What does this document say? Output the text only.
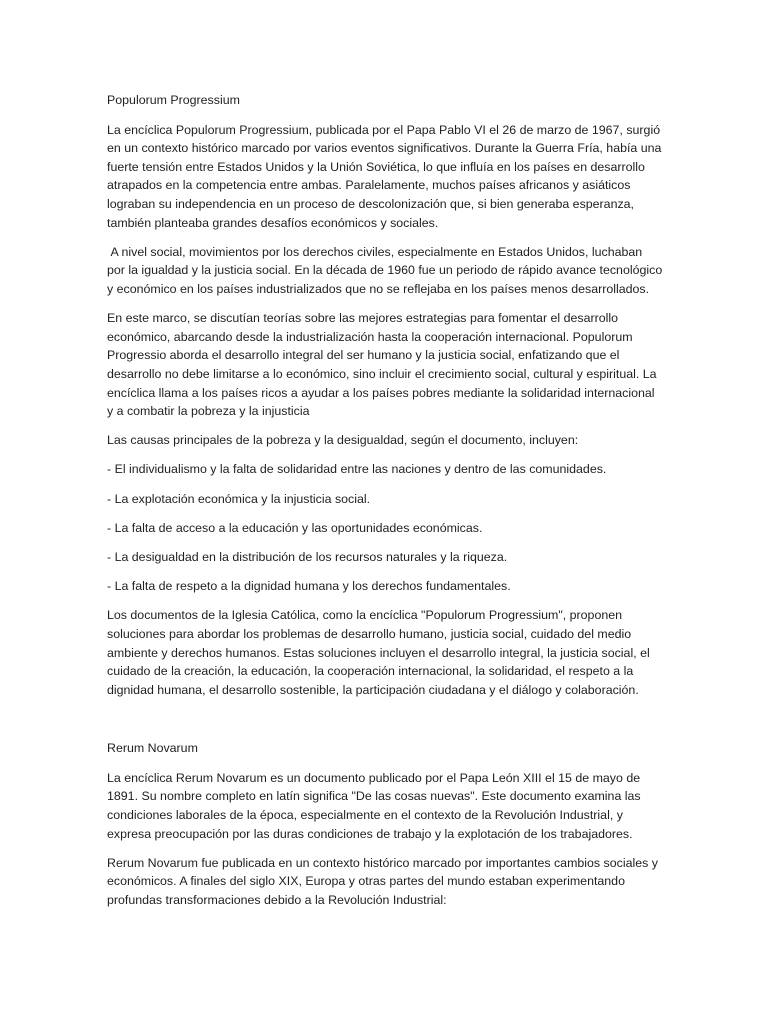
Populorum Progressium

La encíclica Populorum Progressium, publicada por el Papa Pablo VI el 26 de marzo de 1967, surgió en un contexto histórico marcado por varios eventos significativos. Durante la Guerra Fría, había una fuerte tensión entre Estados Unidos y la Unión Soviética, lo que influía en los países en desarrollo atrapados en la competencia entre ambas. Paralelamente, muchos países africanos y asiáticos lograban su independencia en un proceso de descolonización que, si bien generaba esperanza, también planteaba grandes desafíos económicos y sociales.

A nivel social, movimientos por los derechos civiles, especialmente en Estados Unidos, luchaban por la igualdad y la justicia social. En la década de 1960 fue un periodo de rápido avance tecnológico y económico en los países industrializados que no se reflejaba en los países menos desarrollados.

En este marco, se discutían teorías sobre las mejores estrategias para fomentar el desarrollo económico, abarcando desde la industrialización hasta la cooperación internacional. Populorum Progressio aborda el desarrollo integral del ser humano y la justicia social, enfatizando que el desarrollo no debe limitarse a lo económico, sino incluir el crecimiento social, cultural y espiritual. La encíclica llama a los países ricos a ayudar a los países pobres mediante la solidaridad internacional y a combatir la pobreza y la injusticia

Las causas principales de la pobreza y la desigualdad, según el documento, incluyen:

- El individualismo y la falta de solidaridad entre las naciones y dentro de las comunidades.

- La explotación económica y la injusticia social.

- La falta de acceso a la educación y las oportunidades económicas.

- La desigualdad en la distribución de los recursos naturales y la riqueza.

- La falta de respeto a la dignidad humana y los derechos fundamentales.

Los documentos de la Iglesia Católica, como la encíclica "Populorum Progressium", proponen soluciones para abordar los problemas de desarrollo humano, justicia social, cuidado del medio ambiente y derechos humanos. Estas soluciones incluyen el desarrollo integral, la justicia social, el cuidado de la creación, la educación, la cooperación internacional, la solidaridad, el respeto a la dignidad humana, el desarrollo sostenible, la participación ciudadana y el diálogo y colaboración.

Rerum Novarum

La encíclica Rerum Novarum es un documento publicado por el Papa León XIII el 15 de mayo de 1891. Su nombre completo en latín significa "De las cosas nuevas". Este documento examina las condiciones laborales de la época, especialmente en el contexto de la Revolución Industrial, y expresa preocupación por las duras condiciones de trabajo y la explotación de los trabajadores.

Rerum Novarum fue publicada en un contexto histórico marcado por importantes cambios sociales y económicos. A finales del siglo XIX, Europa y otras partes del mundo estaban experimentando profundas transformaciones debido a la Revolución Industrial:
